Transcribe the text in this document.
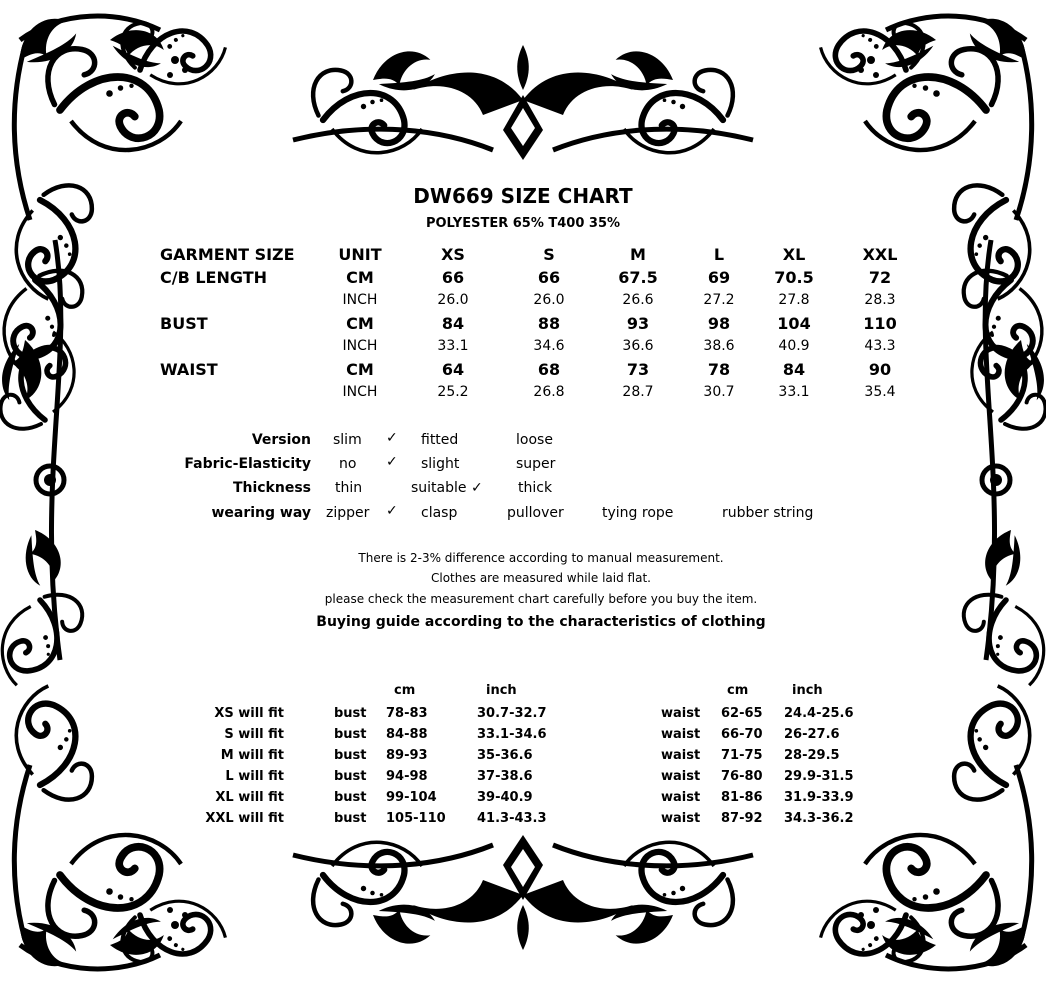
DW669 SIZE CHART
POLYESTER 65% T400 35%
GARMENT SIZE	UNIT	XS	S	M	L	XL	XXL
C/B LENGTH	CM	66	66	67.5	69	70.5	72
INCH	26.0	26.0	26.6	27.2	27.8	28.3
BUST	CM	84	88	93	98	104	110
INCH	33.1	34.6	36.6	38.6	40.9	43.3
WAIST	CM	64	68	73	78	84	90
INCH	25.2	26.8	28.7	30.7	33.1	35.4
Version slim ✓ fitted	loose
Fabric-Elasticity no ✓ slight	super
Thickness thin	suitable ✓	thick
wearing way zipper ✓ clasp	pullover	tying rope	rubber string
There is 2-3% difference according to manual measurement.
Clothes are measured while laid flat.
please check the measurement chart carefully before you buy the item.
Buying guide according to the characteristics of clothing
cm	inch	cm	inch
XS will fit	bust 78-83	30.7-32.7	waist 62-65 24.4-25.6
S will fit	bust 84-88	33.1-34.6	waist 66-70 26-27.6
M will fit	bust 89-93	35-36.6	waist 71-75 28-29.5
L will fit	bust 94-98	37-38.6	waist 76-80 29.9-31.5
XL will fit	bust 99-104	39-40.9	waist 81-86 31.9-33.9
XXL will fit	bust 105-110 41.3-43.3	waist 87-92 34.3-36.2
